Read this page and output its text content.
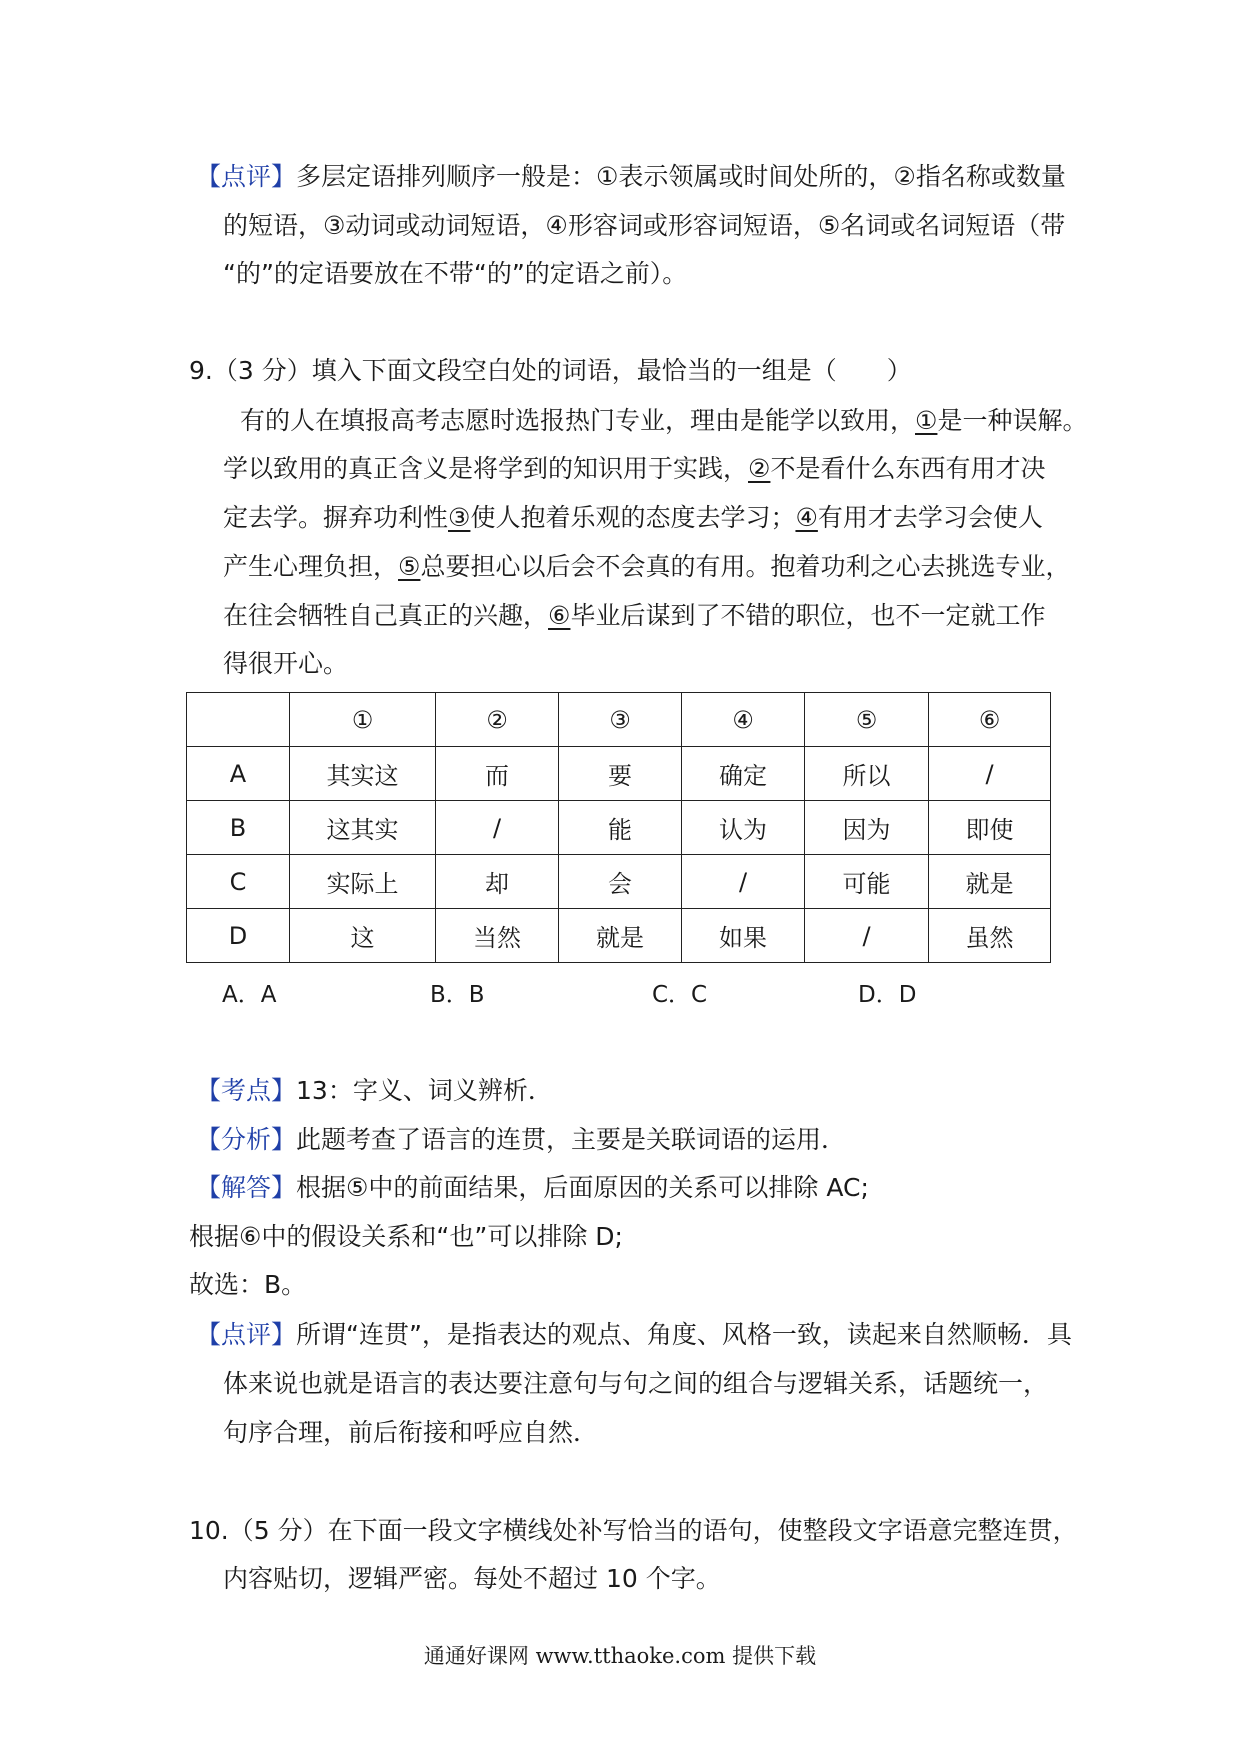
【点评】多层定语排列顺序一般是：①表示领属或时间处所的，②指名称或数量
的短语，③动词或动词短语，④形容词或形容词短语，⑤名词或名词短语（带
“的”的定语要放在不带“的”的定语之前）。
9.（3 分）填入下面文段空白处的词语，最恰当的一组是（　　）
有的人在填报高考志愿时选报热门专业，理由是能学以致用，①是一种误解。
学以致用的真正含义是将学到的知识用于实践，②不是看什么东西有用才决
定去学。摒弃功利性③使人抱着乐观的态度去学习；④有用才去学习会使人
产生心理负担，⑤总要担心以后会不会真的有用。抱着功利之心去挑选专业，
在往会牺牲自己真正的兴趣，⑥毕业后谋到了不错的职位，也不一定就工作
得很开心。
	①	②	③	④	⑤	⑥
A	其实这	而	要	确定	所以	/
B	这其实	/	能	认为	因为	即使
C	实际上	却	会	/	可能	就是
D	这	当然	就是	如果	/	虽然
A．A	B．B	C．C	D．D
【考点】13：字义、词义辨析．
【分析】此题考查了语言的连贯，主要是关联词语的运用．
【解答】根据⑤中的前面结果，后面原因的关系可以排除 AC;
根据⑥中的假设关系和“也”可以排除 D;
故选：B。
【点评】所谓“连贯”，是指表达的观点、角度、风格一致，读起来自然顺畅．具
体来说也就是语言的表达要注意句与句之间的组合与逻辑关系，话题统一，
句序合理，前后衔接和呼应自然．
10.（5 分）在下面一段文字横线处补写恰当的语句，使整段文字语意完整连贯，
内容贴切，逻辑严密。每处不超过 10 个字。
通通好课网 www.tthaoke.com 提供下载
